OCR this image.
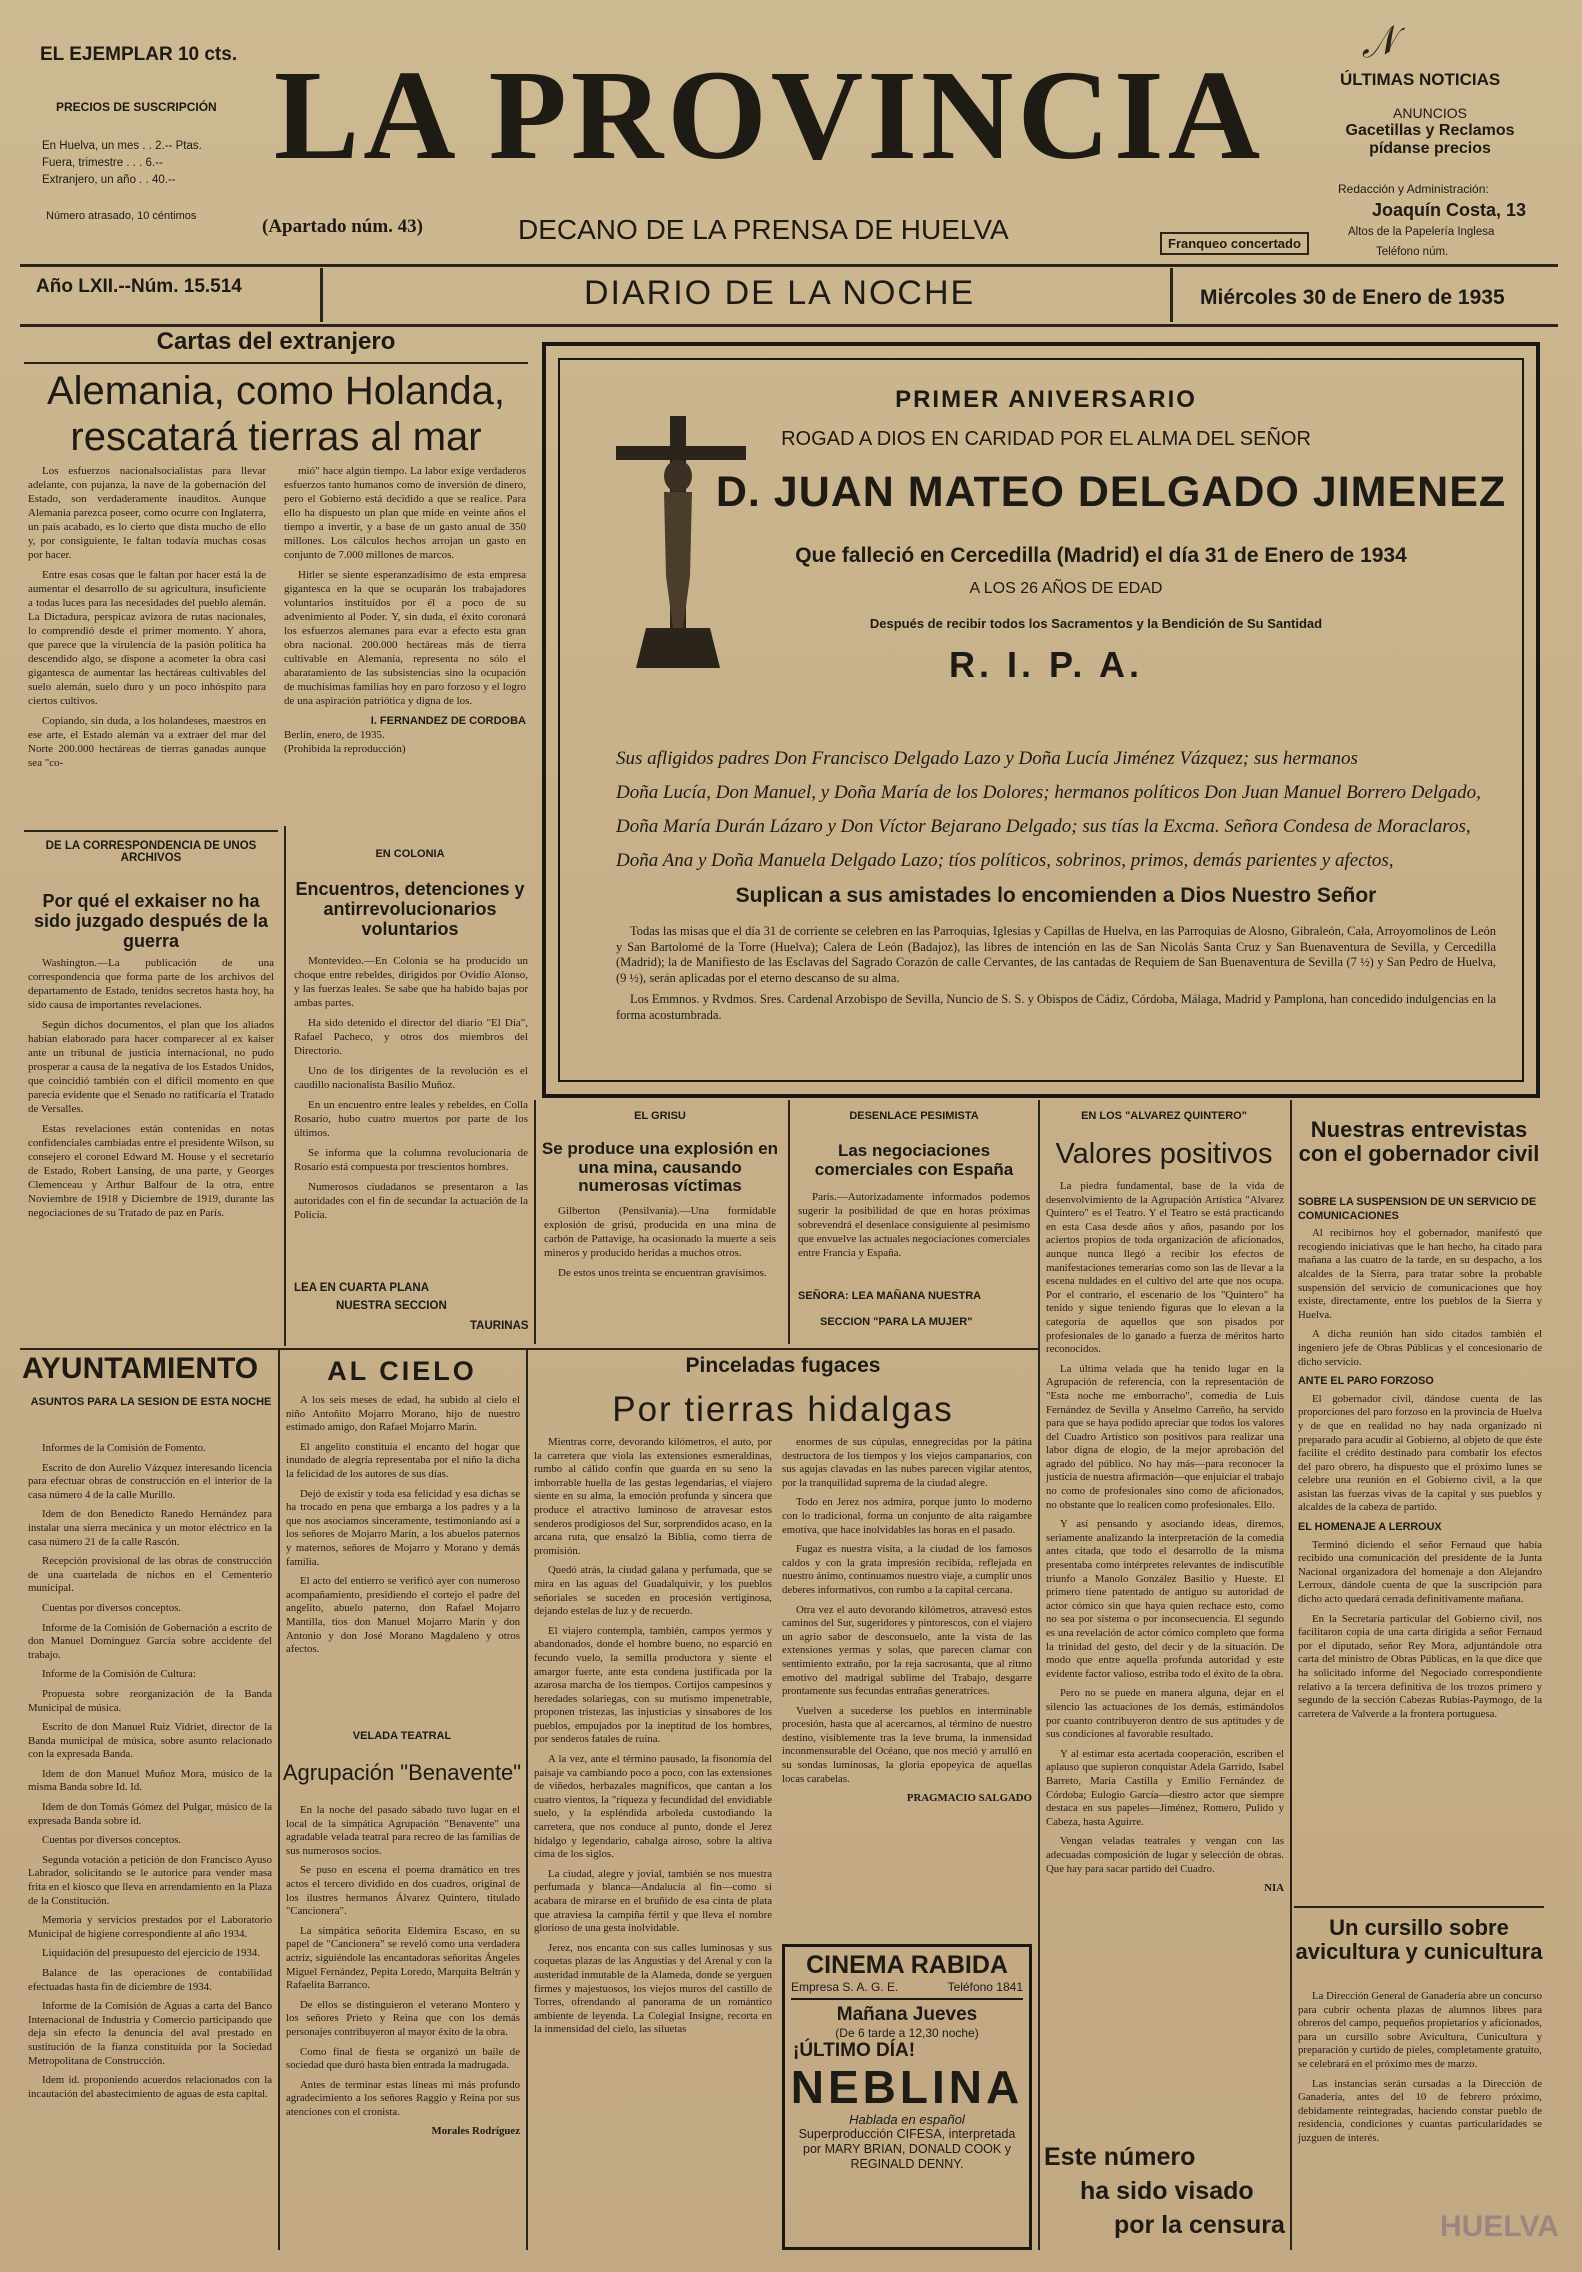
EL EJEMPLAR 10 cts.
PRECIOS DE SUSCRIPCIÓN
En Huelva, un mes . . 2.-- Ptas.
Fuera, trimestre . . . 6.--
Extranjero, un año . . 40.--
Número atrasado, 10 céntimos
LA PROVINCIA
(Apartado núm. 43)	DECANO DE LA PRENSA DE HUELVA	Franqueo concertado
𝒩
ÚLTIMAS NOTICIAS
ANUNCIOS
Gacetillas y Reclamos
pídanse precios
Redacción y Administración:
Joaquín Costa, 13
Altos de la Papelería Inglesa
Teléfono núm.
Año LXII.--Núm. 15.514	DIARIO DE LA NOCHE	Miércoles 30 de Enero de 1935
Cartas del extranjero
Alemania, como Holanda, rescatará tierras al mar

Los esfuerzos nacionalsocialistas para llevar adelante, con pujanza, la nave de la gobernación del Estado, son verdaderamente inauditos. Aunque Alemania parezca poseer, como ocurre con Inglaterra, un país acabado, es lo cierto que dista mucho de ello y, por consiguiente, le faltan todavía muchas cosas por hacer.

Entre esas cosas que le faltan por hacer está la de aumentar el desarrollo de su agricultura, insuficiente a todas luces para las necesidades del pueblo alemán. La Dictadura, perspicaz avizora de rutas nacionales, lo comprendió desde el primer momento. Y ahora, que parece que la virulencia de la pasión política ha descendido algo, se dispone a acometer la obra casi gigantesca de aumentar las hectáreas cultivables del suelo alemán, suelo duro y un poco inhóspito para ciertos cultivos.

Copiando, sin duda, a los holandeses, maestros en ese arte, el Estado alemán va a extraer del mar del Norte 200.000 hectáreas de tierras ganadas aunque sea "co-

mió" hace algún tiempo. La labor exige verdaderos esfuerzos tanto humanos como de inversión de dinero, pero el Gobierno está decidido a que se realice. Para ello ha dispuesto un plan que mide en veinte años el tiempo a invertir, y a base de un gasto anual de 350 millones. Los cálculos hechos arrojan un gasto en conjunto de 7.000 millones de marcos.

Hitler se siente esperanzadísimo de esta empresa gigantesca en la que se ocuparán los trabajadores voluntarios instituídos por él a poco de su advenimiento al Poder. Y, sin duda, el éxito coronará los esfuerzos alemanes para evar a efecto esta gran obra nacional. 200.000 hectáreas más de tierra cultivable en Alemania, representa no sólo el abaratamiento de las subsistencias sino la ocupación de muchísimas familias hoy en paro forzoso y el logro de una aspiración patriótica y digna de los.

I. FERNANDEZ DE CORDOBA
Berlín, enero, de 1935.
(Prohibida la reproducción)
PRIMER ANIVERSARIO
ROGAD A DIOS EN CARIDAD POR EL ALMA DEL SEÑOR
D. JUAN MATEO DELGADO JIMENEZ
Que falleció en Cercedilla (Madrid) el día 31 de Enero de 1934
A LOS 26 AÑOS DE EDAD
Después de recibir todos los Sacramentos y la Bendición de Su Santidad
R. I. P. A.
Sus afligidos padres Don Francisco Delgado Lazo y Doña Lucía Jiménez Vázquez; sus hermanos
Doña Lucía, Don Manuel, y Doña María de los Dolores; hermanos políticos Don Juan Manuel Borrero Delgado,
Doña María Durán Lázaro y Don Víctor Bejarano Delgado; sus tías la Excma. Señora Condesa de Moraclaros,
Doña Ana y Doña Manuela Delgado Lazo; tíos políticos, sobrinos, primos, demás parientes y afectos,
Suplican a sus amistades lo encomienden a Dios Nuestro Señor

Todas las misas que el día 31 de corriente se celebren en las Parroquias, Iglesias y Capillas de Huelva, en las Parroquias de Alosno, Gibraleón, Cala, Arroyomolinos de León y San Bartolomé de la Torre (Huelva); Calera de León (Badajoz), las libres de intención en las de San Nicolás Santa Cruz y San Buenaventura de Sevilla, y Cercedilla (Madrid); la de Manifiesto de las Esclavas del Sagrado Corazón de calle Cervantes, de las cantadas de Requiem de San Buenaventura de Sevilla (7 ½) y San Pedro de Huelva, (9 ½), serán aplicadas por el eterno descanso de su alma.

Los Emmnos. y Rvdmos. Sres. Cardenal Arzobispo de Sevilla, Nuncio de S. S. y Obispos de Cádiz, Córdoba, Málaga, Madrid y Pamplona, han concedido indulgencias en la forma acostumbrada.

DE LA CORRESPONDENCIA DE UNOS ARCHIVOS
Por qué el exkaiser no ha sido juzgado después de la guerra

Washington.—La publicación de una correspondencia que forma parte de los archivos del departamento de Estado, tenidos secretos hasta hoy, ha sido causa de importantes revelaciones.

Según dichos documentos, el plan que los aliados habían elaborado para hacer comparecer al ex kaiser ante un tribunal de justicia internacional, no pudo prosperar a causa de la negativa de los Estados Unidos, que coincidió también con el difícil momento en que parecía evidente que el Senado no ratificaría el Tratado de Versalles.

Estas revelaciones están contenidas en notas confidenciales cambiadas entre el presidente Wilson, su consejero el coronel Edward M. House y el secretario de Estado, Robert Lansing, de una parte, y Georges Clemenceau y Arthur Balfour de la otra, entre Noviembre de 1918 y Diciembre de 1919, durante las negociaciones de su Tratado de paz en París.

EN COLONIA
Encuentros, detenciones y antirrevolucionarios voluntarios

Montevideo.—En Colonia se ha producido un choque entre rebeldes, dirigidos por Ovidio Alonso, y las fuerzas leales. Se sabe que ha habido bajas por ambas partes.

Ha sido detenido el director del diario "El Día", Rafael Pacheco, y otros dos miembros del Directorio.

Uno de los dirigentes de la revolución es el caudillo nacionalista Basilio Muñoz.

En un encuentro entre leales y rebeldes, en Colla Rosario, hubo cuatro muertos por parte de los últimos.

Se informa que la columna revolucionaria de Rosario está compuesta por trescientos hombres.

Numerosos ciudadanos se presentaron a las autoridades con el fin de secundar la actuación de la Policía.

LEA EN CUARTA PLANA
NUESTRA SECCION
TAURINAS
EL GRISU
Se produce una explosión en una mina, causando numerosas víctimas

Gilberton (Pensilvania).—Una formidable explosión de grisú, producida en una mina de carbón de Pattavige, ha ocasionado la muerte a seis mineros y producido heridas a muchos otros.

De estos unos treinta se encuentran gravísimos.

DESENLACE PESIMISTA
Las negociaciones comerciales con España

París.—Autorizadamente informados podemos sugerir la posibilidad de que en horas próximas sobrevendrá el desenlace consiguiente al pesimismo que envuelve las actuales negociaciones comerciales entre Francia y España.

SEÑORA: LEA MAÑANA NUESTRA
SECCION "PARA LA MUJER"
EN LOS "ALVAREZ QUINTERO"
Valores positivos

La piedra fundamental, base de la vida de desenvolvimiento de la Agrupación Artística "Alvarez Quintero" es el Teatro. Y el Teatro se está practicando en esta Casa desde años y años, pasando por los aciertos propios de toda organización de aficionados, aunque nunca llegó a recibir los efectos de manifestaciones temerarias como son las de llevar a la escena nuldades en el cultivo del arte que nos ocupa. Por el contrario, el escenario de los "Quintero" ha tenido y sigue teniendo figuras que lo elevan a la categoría de aquellos que son pisados por profesionales de lo ganado a fuerza de méritos harto reconocidos.

La última velada que ha tenido lugar en la Agrupación de referencia, con la representación de "Esta noche me emborracho", comedia de Luis Fernández de Sevilla y Anselmo Carreño, ha servido para que se haya podido apreciar que todos los valores del Cuadro Artístico son positivos para realizar una labor digna de elogio, de la mejor aprobación del agrado del público. No hay más—para reconocer la justicia de nuestra afirmación—que enjuiciar el trabajo no como de profesionales sino como de aficionados, no obstante que lo realicen como profesionales. Ello.

Y así pensando y asociando ideas, diremos, seriamente analizando la interpretación de la comedia antes citada, que todo el desarrollo de la misma presentaba como intérpretes relevantes de indiscutible triunfo a Manolo González Basilio y Hueste. El primero tiene patentado de antiguo su autoridad de actor cómico sin que haya quien rechace esto, como no sea por sistema o por inconsecuencia. El segundo es una revelación de actor cómico completo que forma la trinidad del gesto, del decir y de la situación. De modo que entre aquella profunda autoridad y este evidente factor valioso, estriba todo el éxito de la obra.

Pero no se puede en manera alguna, dejar en el silencio las actuaciones de los demás, estimándolos por cuanto contribuyeron dentro de sus aptitudes y de sus condiciones al favorable resultado.

Y al estimar esta acertada cooperación, escriben el aplauso que supieron conquistar Adela Garrido, Isabel Barreto, María Castilla y Emilio Fernández de Córdoba; Eulogio García—diestro actor que siempre destaca en sus papeles—Jiménez, Romero, Pulido y Cabeza, hasta Aguirre.

Vengan veladas teatrales y vengan con las adecuadas composición de lugar y selección de obras. Que hay para sacar partido del Cuadro.

NIA
Nuestras entrevistas con el gobernador civil
SOBRE LA SUSPENSION DE UN SERVICIO DE COMUNICACIONES

Al recibirnos hoy el gobernador, manifestó que recogiendo iniciativas que le han hecho, ha citado para mañana a las cuatro de la tarde, en su despacho, a los alcaldes de la Sierra, para tratar sobre la probable suspensión del servicio de comunicaciones que hoy existe, directamente, entre los pueblos de la Sierra y Huelva.

A dicha reunión han sido citados también el ingeniero jefe de Obras Públicas y el concesionario de dicho servicio.

ANTE EL PARO FORZOSO

El gobernador civil, dándose cuenta de las proporciones del paro forzoso en la provincia de Huelva y de que en realidad no hay nada organizado ni preparado para acudir al Gobierno, al objeto de que éste facilite el crédito destinado para combatir los efectos del paro obrero, ha dispuesto que el próximo lunes se celebre una reunión en el Gobierno civil, a la que asistan las fuerzas vivas de la capital y sus pueblos y alcaldes de la cabeza de partido.

EL HOMENAJE A LERROUX

Terminó diciendo el señor Fernaud que había recibido una comunicación del presidente de la Junta Nacional organizadora del homenaje a don Alejandro Lerroux, dándole cuenta de que la suscripción para dicho acto quedará cerrada definitivamente mañana.

En la Secretaría particular del Gobierno civil, nos facilitaron copia de una carta dirigida a señor Fernaud por el diputado, señor Rey Mora, adjuntándole otra carta del ministro de Obras Públicas, en la que dice que ha solicitado informe del Negociado correspondiente relativo a la tercera definitiva de los trozos primero y segundo de la sección Cabezas Rubias-Paymogo, de la carretera de Valverde a la frontera portuguesa.

Un cursillo sobre avicultura y cunicultura

La Dirección General de Ganadería abre un concurso para cubrir ochenta plazas de alumnos libres para obreros del campo, pequeños propietarios y aficionados, para un cursillo sobre Avicultura, Cunicultura y preparación y curtido de pieles, completamente gratuito, se celebrará en el próximo mes de marzo.

Las instancias serán cursadas a la Dirección de Ganadería, antes del 10 de febrero próximo, debidamente reintegradas, haciendo constar pueblo de residencia, condiciones y cuantas particularidades se juzguen de interés.

AYUNTAMIENTO
ASUNTOS PARA LA SESION DE ESTA NOCHE

Informes de la Comisión de Fomento.

Escrito de don Aurelio Vázquez interesando licencia para efectuar obras de construcción en el interior de la casa número 4 de la calle Murillo.

Idem de don Benedicto Ranedo Hernández para instalar una sierra mecánica y un motor eléctrico en la casa número 21 de la calle Rascón.

Recepción provisional de las obras de construcción de una cuartelada de nichos en el Cementerio municipal.

Cuentas por diversos conceptos.

Informe de la Comisión de Gobernación a escrito de don Manuel Domínguez García sobre accidente del trabajo.

Informe de la Comisión de Cultura:

Propuesta sobre reorganización de la Banda Municipal de música.

Escrito de don Manuel Ruiz Vidriet, director de la Banda municipal de música, sobre asunto relacionado con la expresada Banda.

Idem de don Manuel Muñoz Mora, músico de la misma Banda sobre Id. Id.

Idem de don Tomás Gómez del Pulgar, músico de la expresada Banda sobre id.

Cuentas por diversos conceptos.

Segunda votación a petición de don Francisco Ayuso Labrador, solicitando se le autorice para vender masa frita en el kiosco que lleva en arrendamiento en la Plaza de la Constitución.

Memoria y servicios prestados por el Laboratorio Municipal de higiene correspondiente al año 1934.

Liquidación del presupuesto del ejercicio de 1934.

Balance de las operaciones de contabilidad efectuadas hasta fin de diciembre de 1934.

Informe de la Comisión de Aguas a carta del Banco Internacional de Industria y Comercio participando que deja sin efecto la denuncia del aval prestado en sustitución de la fianza constituída por la Sociedad Metropolitana de Construcción.

Idem id. proponiendo acuerdos relacionados con la incautación del abastecimiento de aguas de esta capital.

AL CIELO

A los seis meses de edad, ha subido al cielo el niño Antoñito Mojarro Morano, hijo de nuestro estimado amigo, don Rafael Mojarro Marín.

El angelito constituía el encanto del hogar que inundado de alegría representaba por el niño la dicha la felicidad de los autores de sus días.

Dejó de existir y toda esa felicidad y esa dichas se ha trocado en pena que embarga a los padres y a la que nos asociamos sinceramente, testimoniando así a los señores de Mojarro Marín, a los abuelos paternos y maternos, señores de Mojarro y Morano y demás familia.

El acto del entierro se verificó ayer con numeroso acompañamiento, presidiendo el cortejo el padre del angelito, abuelo paterno, don Rafael Mojarro Mantilla, tíos don Manuel Mojarro Marín y don Antonio y don José Morano Magdaleno y otros afectos.

VELADA TEATRAL
Agrupación "Benavente"

En la noche del pasado sábado tuvo lugar en el local de la simpática Agrupación "Benavente" una agradable velada teatral para recreo de las familias de sus numerosos socios.

Se puso en escena el poema dramático en tres actos el tercero dividido en dos cuadros, original de los ilustres hermanos Álvarez Quintero, titulado "Cancionera".

La simpática señorita Eldemira Escaso, en su papel de "Cancionera" se reveló como una verdadera actriz, siguiéndole las encantadoras señoritas Ángeles Miguel Fernández, Pepita Loredo, Marquita Beltrán y Rafaelita Barranco.

De ellos se distinguieron el veterano Montero y los señores Prieto y Reina que con los demás personajes contribuyeron al mayor éxito de la obra.

Como final de fiesta se organizó un baile de sociedad que duró hasta bien entrada la madrugada.

Antes de terminar estas líneas mi más profundo agradecimiento a los señores Raggio y Reina por sus atenciones con el cronista.

Morales Rodríguez
Pinceladas fugaces
Por tierras hidalgas

Mientras corre, devorando kilómetros, el auto, por la carretera que viola las extensiones esmeraldinas, rumbo al cálido confín que guarda en su seno la imborrable huella de las gestas legendarias, el viajero siente en su alma, la emoción profunda y sincera que produce el atractivo luminoso de atravesar estos senderos prodigiosos del Sur, sorprendidos acaso, en la arcana ruta, que ensalzó la Biblia, como tierra de promisión.

Quedó atrás, la ciudad galana y perfumada, que se mira en las aguas del Guadalquivir, y los pueblos señoriales se suceden en procesión vertiginosa, dejando estelas de luz y de recuerdo.

El viajero contempla, también, campos yermos y abandonados, donde el hombre bueno, no esparció en fecundo vuelo, la semilla productora y siente el amargor fuerte, ante esta condena justificada por la azarosa marcha de los tiempos. Cortijos campesinos y heredades solariegas, con su mutismo impenetrable, proponen tristezas, las injusticias y sinsabores de los pueblos, empujados por la ineptitud de los hombres, por senderos fatales de ruina.

A la vez, ante el término pausado, la fisonomía del paisaje va cambiando poco a poco, con las extensiones de viñedos, herbazales magníficos, que cantan a los cuatro vientos, la "riqueza y fecundidad del envidiable suelo, y la espléndida arboleda custodiando la carretera, que nos conduce al punto, donde el Jerez hidalgo y legendario, cabalga airoso, sobre la altiva cima de los siglos.

La ciudad, alegre y jovial, también se nos muestra perfumada y blanca—Andalucía al fin—como si acabara de mirarse en el bruñido de esa cinta de plata que atraviesa la campiña fértil y que lleva el nombre glorioso de una gesta inolvidable.

Jerez, nos encanta con sus calles luminosas y sus coquetas plazas de las Angustias y del Arenal y con la austeridad inmutable de la Alameda, donde se yerguen firmes y majestuosos, los viejos muros del castillo de Torres, ofrendando al panorama de un romántico ambiente de leyenda. La Colegial Insigne, recorta en la inmensidad del cielo, las siluetas

enormes de sus cúpulas, ennegrecidas por la pátina destructora de los tiempos y los viejos campanarios, con sus agujas clavadas en las nubes parecen vigilar atentos, por la tranquilidad suprema de la ciudad alegre.

Todo en Jerez nos admira, porque junto lo moderno con lo tradicional, forma un conjunto de alta raigambre emotiva, que hace inolvidables las horas en el pasado.

Fugaz es nuestra visita, a la ciudad de los famosos caldos y con la grata impresión recibida, reflejada en nuestro ánimo, continuamos nuestro viaje, a cumplir unos deberes informativos, con rumbo a la capital cercana.

Otra vez el auto devorando kilómetros, atravesó estos caminos del Sur, sugeridores y pintorescos, con el viajero un agrio sabor de desconsuelo, ante la vista de las extensiones yermas y solas, que parecen clamar con sentimiento extraño, por la reja sacrosanta, que al ritmo emotivo del madrigal sublime del Trabajo, desgarre prontamente sus fecundas entrañas generatrices.

Vuelven a sucederse los pueblos en interminable procesión, hasta que al acercarnos, al término de nuestro destino, visiblemente tras la leve bruma, la inmensidad inconmensurable del Océano, que nos meció y arrulló en su sondas luminosas, la gloria epopeyica de aquellas locas carabelas.

PRAGMACIO SALGADO
CINEMA RABIDA
Empresa S. A. G. E.	Teléfono 1841
Mañana Jueves
(De 6 tarde a 12,30 noche)
¡ÚLTIMO DÍA!
NEBLINA
Hablada en español
Superproducción CIFESA, interpretada por MARY BRIAN, DONALD COOK y REGINALD DENNY.	Este número
ha sido visado
por la censura	HUELVA
